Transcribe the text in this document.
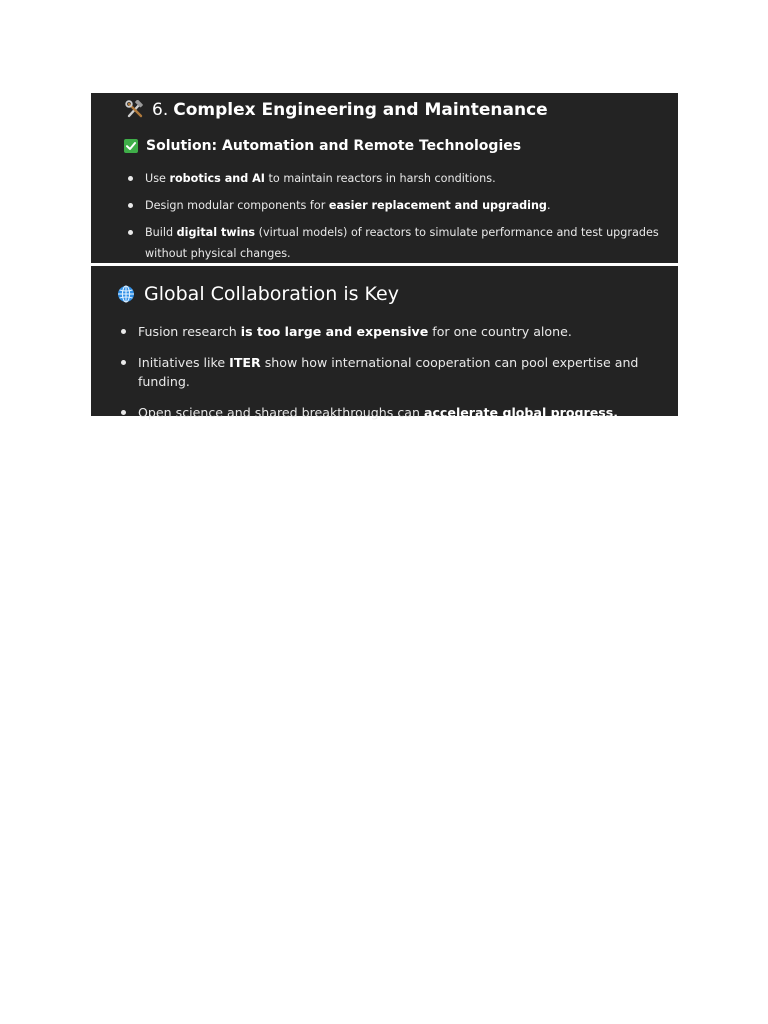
6. Complex Engineering and Maintenance
Solution: Automation and Remote Technologies
Use robotics and AI to maintain reactors in harsh conditions.
Design modular components for easier replacement and upgrading.
Build digital twins (virtual models) of reactors to simulate performance and test upgrades without physical changes.
Global Collaboration is Key
Fusion research is too large and expensive for one country alone.
Initiatives like ITER show how international cooperation can pool expertise and funding.
Open science and shared breakthroughs can accelerate global progress.
